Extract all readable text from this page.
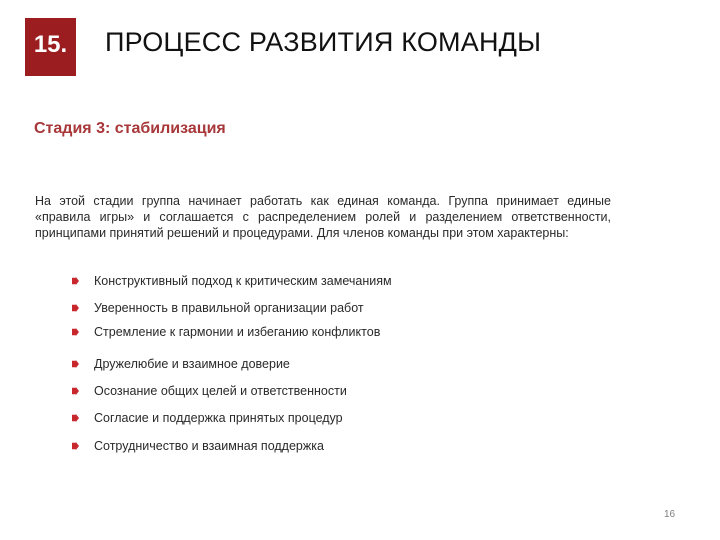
15.	ПРОЦЕСС РАЗВИТИЯ КОМАНДЫ
Стадия 3: стабилизация

На этой стадии группа начинает работать как единая команда. Группа принимает единые «правила игры» и соглашается с распределением ролей и разделением ответственности, принципами принятий решений и процедурами. Для членов команды при этом характерны:

Конструктивный подход к критическим замечаниям
Уверенность в правильной организации работ
Стремление к гармонии и избеганию конфликтов
Дружелюбие и взаимное доверие
Осознание общих целей и ответственности
Согласие и поддержка принятых процедур
Сотрудничество и взаимная поддержка
16
